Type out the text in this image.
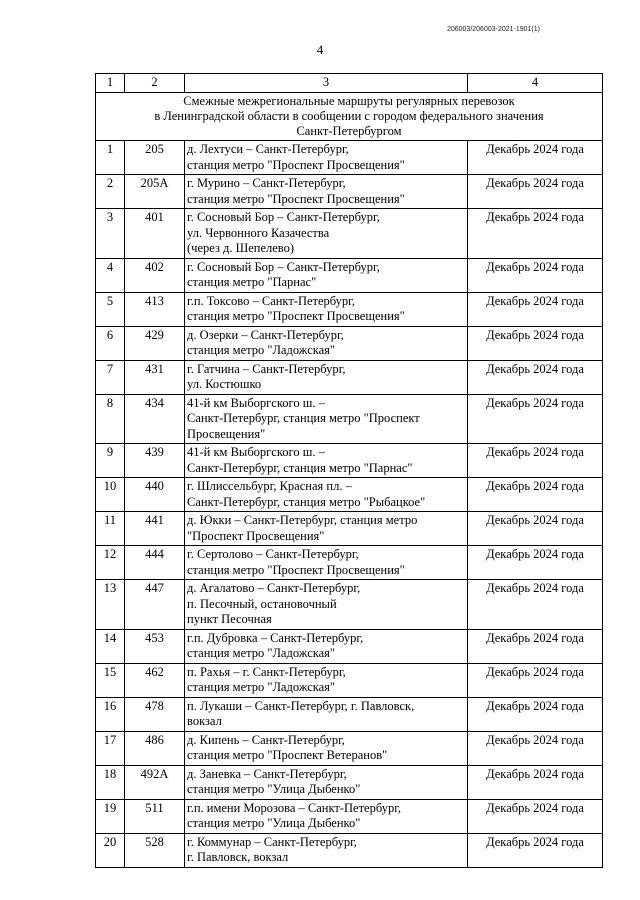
206003/206003-2021-1901(1)
4
1	2	3	4
Смежные межрегиональные маршруты регулярных перевозок
в Ленинградской области в сообщении с городом федерального значения
Санкт-Петербургом			
1	205	д. Лехтуси – Санкт-Петербург,
станция метро "Проспект Просвещения"	Декабрь 2024 года
2	205А	г. Мурино – Санкт-Петербург,
станция метро "Проспект Просвещения"	Декабрь 2024 года
3	401	г. Сосновый Бор – Санкт-Петербург,
ул. Червонного Казачества
(через д. Шепелево)	Декабрь 2024 года
4	402	г. Сосновый Бор – Санкт-Петербург,
станция метро "Парнас"	Декабрь 2024 года
5	413	г.п. Токсово – Санкт-Петербург,
станция метро "Проспект Просвещения"	Декабрь 2024 года
6	429	д. Озерки – Санкт-Петербург,
станция метро "Ладожская"	Декабрь 2024 года
7	431	г. Гатчина – Санкт-Петербург,
ул. Костюшко	Декабрь 2024 года
8	434	41-й км Выборгского ш. –
Санкт-Петербург, станция метро "Проспект
Просвещения"	Декабрь 2024 года
9	439	41-й км Выборгского ш. –
Санкт-Петербург, станция метро "Парнас"	Декабрь 2024 года
10	440	г. Шлиссельбург, Красная пл. –
Санкт-Петербург, станция метро "Рыбацкое"	Декабрь 2024 года
11	441	д. Юкки – Санкт-Петербург, станция метро
"Проспект Просвещения"	Декабрь 2024 года
12	444	г. Сертолово – Санкт-Петербург,
станция метро "Проспект Просвещения"	Декабрь 2024 года
13	447	д. Агалатово – Санкт-Петербург,
п. Песочный, остановочный
пункт Песочная	Декабрь 2024 года
14	453	г.п. Дубровка – Санкт-Петербург,
станция метро "Ладожская"	Декабрь 2024 года
15	462	п. Рахья – г. Санкт-Петербург,
станция метро "Ладожская"	Декабрь 2024 года
16	478	п. Лукаши – Санкт-Петербург, г. Павловск,
вокзал	Декабрь 2024 года
17	486	д. Кипень – Санкт-Петербург,
станция метро "Проспект Ветеранов"	Декабрь 2024 года
18	492А	д. Заневка – Санкт-Петербург,
станция метро "Улица Дыбенко"	Декабрь 2024 года
19	511	г.п. имени Морозова – Санкт-Петербург,
станция метро "Улица Дыбенко"	Декабрь 2024 года
20	528	г. Коммунар – Санкт-Петербург,
г. Павловск, вокзал	Декабрь 2024 года
